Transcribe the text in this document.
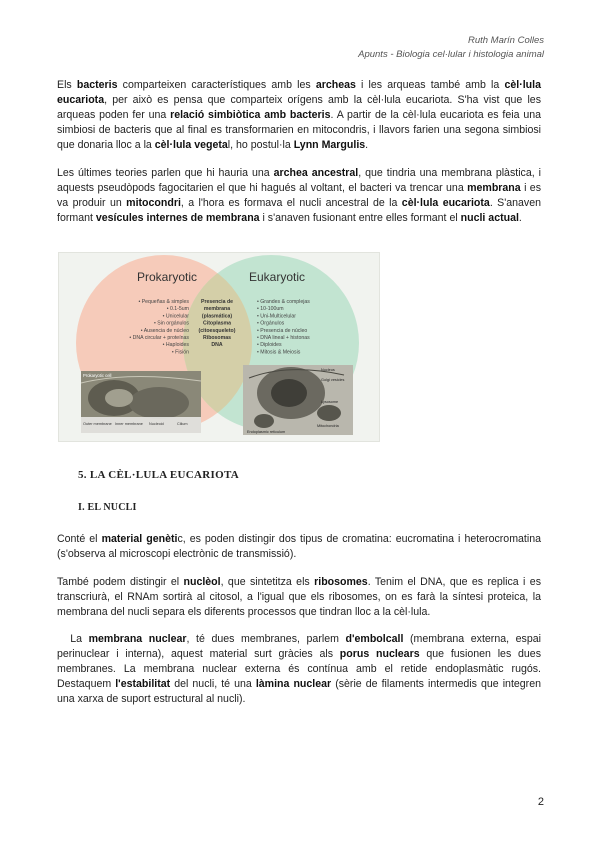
Ruth Marín Colles
Apunts - Biologia cel·lular i histologia animal

Els bacteris comparteixen característiques amb les archeas i les arqueas també amb la cèl·lula eucariota, per això es pensa que comparteix orígens amb la cèl·lula eucariota. S'ha vist que les arqueas poden fer una relació simbiòtica amb bacteris. A partir de la cèl·lula eucariota es feia una simbiosi de bacteris que al final es transformarien en mitocondris, i llavors farien una segona simbiosi que donaria lloc a la cèl·lula vegetal, ho postul·la Lynn Margulis.

Les últimes teories parlen que hi hauria una archea ancestral, que tindria una membrana plàstica, i aquests pseudòpods fagocitarien el que hi hagués al voltant, el bacteri va trencar una membrana i es va produir un mitocondri, a l'hora es formava el nucli ancestral de la cèl·lula eucariota. S'anaven formant vesícules internes de membrana i s'anaven fusionant entre elles formant el nucli actual.

Prokaryotic	Eukaryotic
• Pequeñas & simples
• 0.1-5um
• Unicelular
• Sin orgánulos
• Ausencia de núcleo
• DNA circular + proteínas
• Haploides
• Fisión
Presencia de
membrana
(plasmática)
Citoplasma
(citoesqueleto)
Ribosomas
DNA
• Grandes & complejas
• 10-100um
• Uni-Multicelular
• Orgánulos
• Presencia de núcleo
• DNA lineal + histonas
• Diploides
• Mitosis & Meiosis
Prokaryotic cell
Outer membrane Inner membrane Nucleoid	Cilium
Nucleus
Golgi vesicles
Lysosome
Mitochondria
Endoplasmic reticulum
5. LA CÈL·LULA EUCARIOTA
I. EL NUCLI

Conté el material genètic, es poden distingir dos tipus de cromatina: eucromatina i heterocromatina (s'observa al microscopi electrònic de transmissió).

També podem distingir el nuclèol, que sintetitza els ribosomes. Tenim el DNA, que es replica i es transcriurà, el RNAm sortirà al citosol, a l'igual que els ribosomes, on es farà la síntesi proteica, la membrana del nucli separa els diferents processos que tindran lloc a la cèl·lula.

La membrana nuclear, té dues membranes, parlem d'embolcall (membrana externa, espai perinuclear i interna), aquest material surt gràcies als porus nuclears que fusionen les dues membranes. La membrana nuclear externa és contínua amb el retide endoplasmàtic rugós. Destaquem l'estabilitat del nucli, té una làmina nuclear (sèrie de filaments intermedis que integren una xarxa de suport estructural al nucli).

2
